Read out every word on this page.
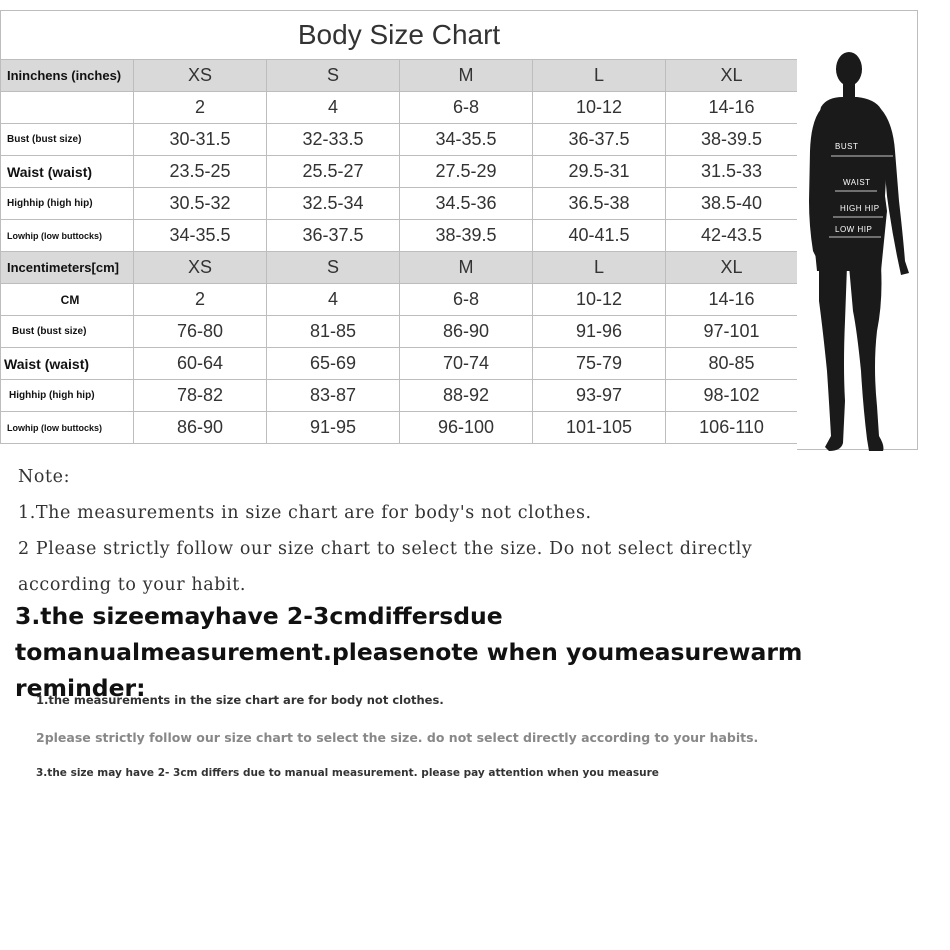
Body Size Chart					
Ininchens (inches)	XS	S	M	L	XL
	2	4	6-8	10-12	14-16
Bust (bust size)	30-31.5	32-33.5	34-35.5	36-37.5	38-39.5
Waist (waist)	23.5-25	25.5-27	27.5-29	29.5-31	31.5-33
Highhip (high hip)	30.5-32	32.5-34	34.5-36	36.5-38	38.5-40
Lowhip (low buttocks)	34-35.5	36-37.5	38-39.5	40-41.5	42-43.5
Incentimeters[cm]	XS	S	M	L	XL
CM	2	4	6-8	10-12	14-16
Bust (bust size)	76-80	81-85	86-90	91-96	97-101
Waist (waist)	60-64	65-69	70-74	75-79	80-85
Highhip (high hip)	78-82	83-87	88-92	93-97	98-102
Lowhip (low buttocks)	86-90	91-95	96-100	101-105	106-110
BUST
WAIST
HIGH HIP
LOW HIP
Note:
1.The measurements in size chart are for body's not clothes.
2 Please strictly follow our size chart to select the size. Do not select directly
according to your habit.
3.the sizeemayhave 2-3cmdiffersdue tomanualmeasurement.pleasenote when youmeasurewarm reminder:
1.the measurements in the size chart are for body not clothes.
2please strictly follow our size chart to select the size. do not select directly according to your habits.
3.the size may have 2- 3cm differs due to manual measurement. please pay attention when you measure
